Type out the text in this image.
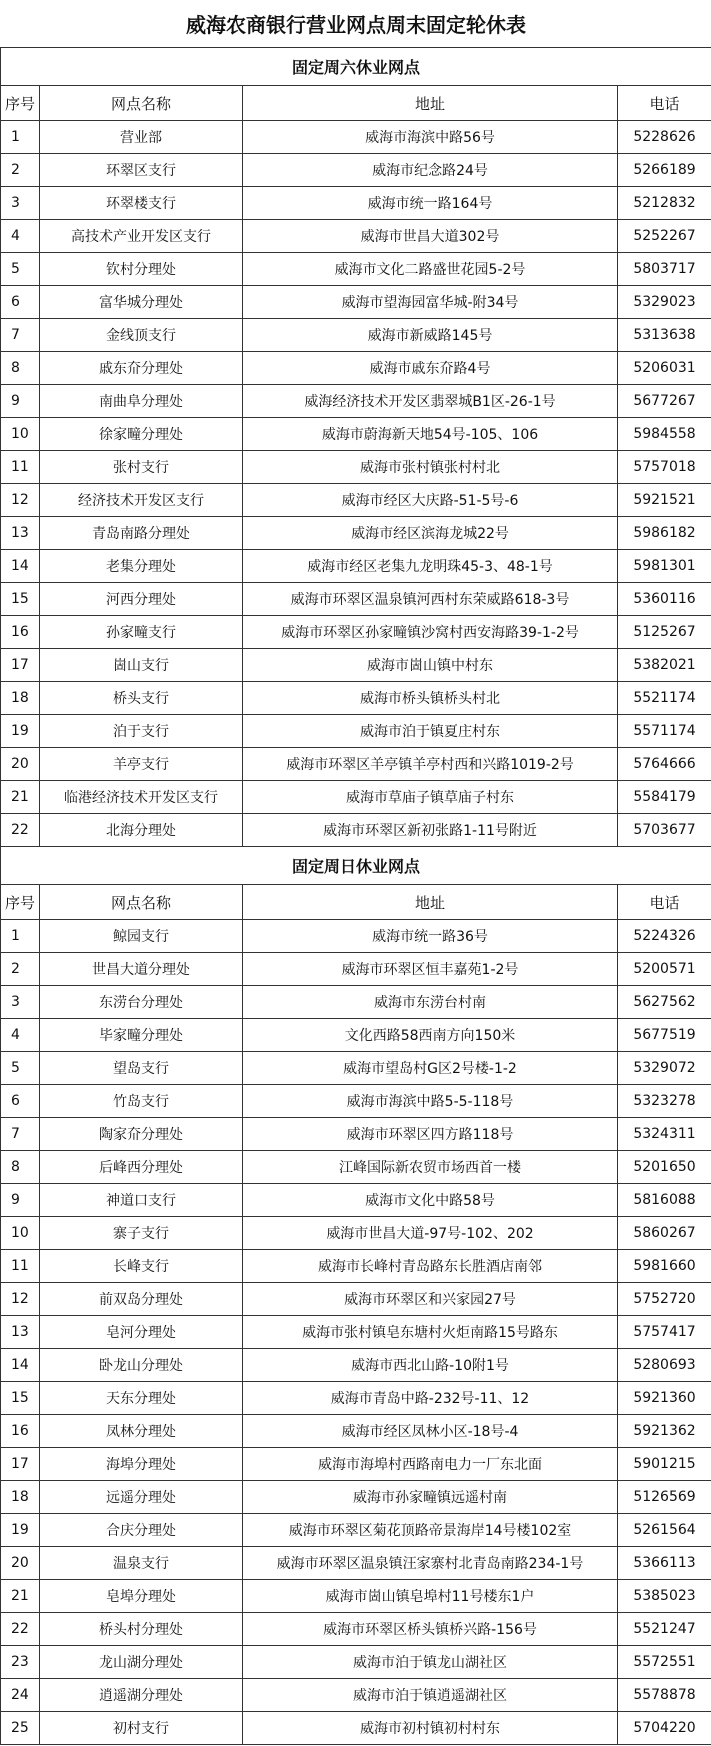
威海农商银行营业网点周末固定轮休表			
固定周六休业网点			
序号	网点名称	地址	电话
1	营业部	威海市海滨中路56号	5228626
2	环翠区支行	威海市纪念路24号	5266189
3	环翠楼支行	威海市统一路164号	5212832
4	高技术产业开发区支行	威海市世昌大道302号	5252267
5	钦村分理处	威海市文化二路盛世花园5-2号	5803717
6	富华城分理处	威海市望海园富华城-附34号	5329023
7	金线顶支行	威海市新威路145号	5313638
8	戚东夼分理处	威海市戚东夼路4号	5206031
9	南曲阜分理处	威海经济技术开发区翡翠城B1区-26-1号	5677267
10	徐家疃分理处	威海市蔚海新天地54号-105、106	5984558
11	张村支行	威海市张村镇张村村北	5757018
12	经济技术开发区支行	威海市经区大庆路-51-5号-6	5921521
13	青岛南路分理处	威海市经区滨海龙城22号	5986182
14	老集分理处	威海市经区老集九龙明珠45-3、48-1号	5981301
15	河西分理处	威海市环翠区温泉镇河西村东荣威路618-3号	5360116
16	孙家疃支行	威海市环翠区孙家疃镇沙窝村西安海路39-1-2号	5125267
17	崮山支行	威海市崮山镇中村东	5382021
18	桥头支行	威海市桥头镇桥头村北	5521174
19	泊于支行	威海市泊于镇夏庄村东	5571174
20	羊亭支行	威海市环翠区羊亭镇羊亭村西和兴路1019-2号	5764666
21	临港经济技术开发区支行	威海市草庙子镇草庙子村东	5584179
22	北海分理处	威海市环翠区新初张路1-11号附近	5703677
固定周日休业网点			
序号	网点名称	地址	电话
1	鲸园支行	威海市统一路36号	5224326
2	世昌大道分理处	威海市环翠区恒丰嘉苑1-2号	5200571
3	东涝台分理处	威海市东涝台村南	5627562
4	毕家疃分理处	文化西路58西南方向150米	5677519
5	望岛支行	威海市望岛村G区2号楼-1-2	5329072
6	竹岛支行	威海市海滨中路5-5-118号	5323278
7	陶家夼分理处	威海市环翠区四方路118号	5324311
8	后峰西分理处	江峰国际新农贸市场西首一楼	5201650
9	神道口支行	威海市文化中路58号	5816088
10	寨子支行	威海市世昌大道-97号-102、202	5860267
11	长峰支行	威海市长峰村青岛路东长胜酒店南邻	5981660
12	前双岛分理处	威海市环翠区和兴家园27号	5752720
13	皂河分理处	威海市张村镇皂东塘村火炬南路15号路东	5757417
14	卧龙山分理处	威海市西北山路-10附1号	5280693
15	天东分理处	威海市青岛中路-232号-11、12	5921360
16	凤林分理处	威海市经区凤林小区-18号-4	5921362
17	海埠分理处	威海市海埠村西路南电力一厂东北面	5901215
18	远遥分理处	威海市孙家疃镇远遥村南	5126569
19	合庆分理处	威海市环翠区菊花顶路帝景海岸14号楼102室	5261564
20	温泉支行	威海市环翠区温泉镇汪家寨村北青岛南路234-1号	5366113
21	皂埠分理处	威海市崮山镇皂埠村11号楼东1户	5385023
22	桥头村分理处	威海市环翠区桥头镇桥兴路-156号	5521247
23	龙山湖分理处	威海市泊于镇龙山湖社区	5572551
24	逍遥湖分理处	威海市泊于镇逍遥湖社区	5578878
25	初村支行	威海市初村镇初村村东	5704220
